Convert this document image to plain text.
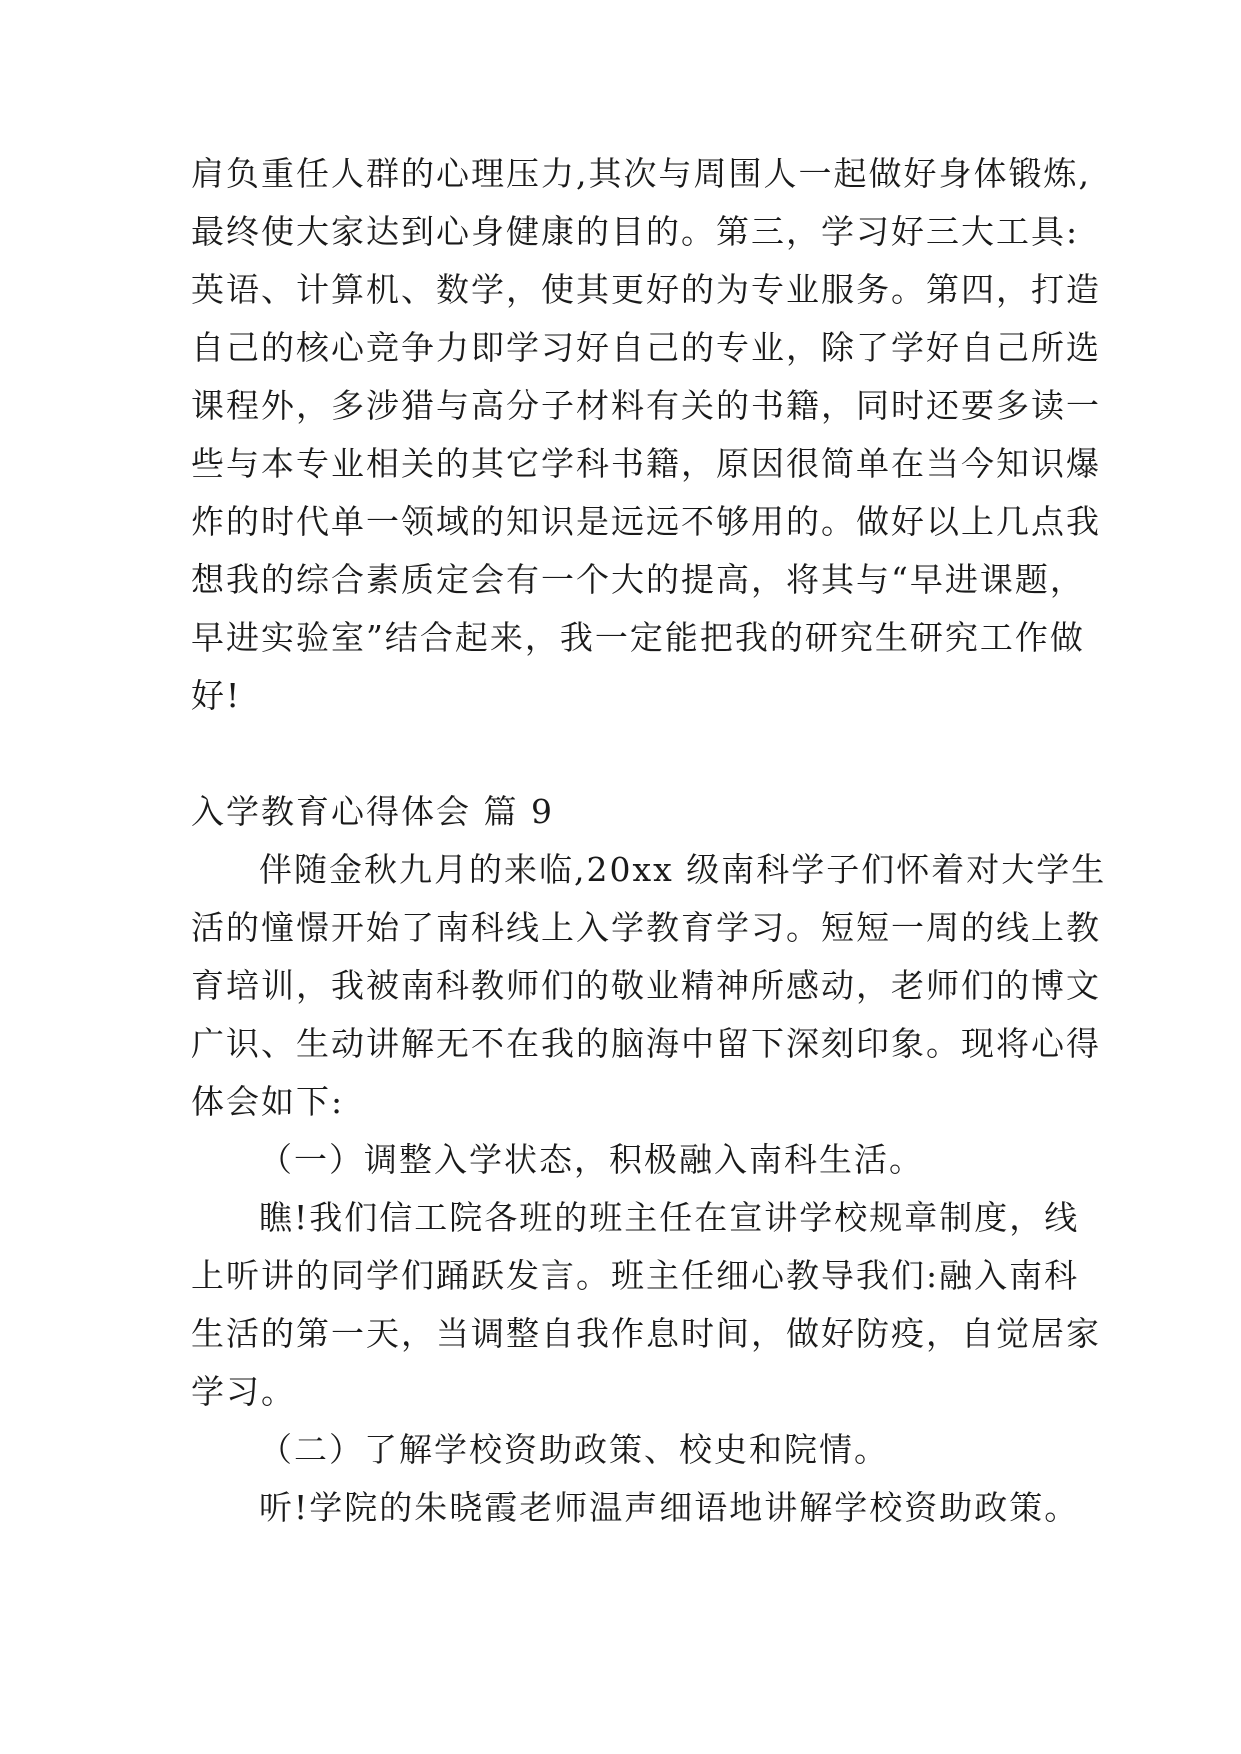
肩负重任人群的心理压力,其次与周围人一起做好身体锻炼,
最终使大家达到心身健康的目的。第三，学习好三大工具:
英语、计算机、数学，使其更好的为专业服务。第四，打造
自己的核心竞争力即学习好自己的专业，除了学好自己所选
课程外，多涉猎与高分子材料有关的书籍，同时还要多读一
些与本专业相关的其它学科书籍，原因很简单在当今知识爆
炸的时代单一领域的知识是远远不够用的。做好以上几点我
想我的综合素质定会有一个大的提高，将其与“早进课题，
早进实验室”结合起来，我一定能把我的研究生研究工作做
好!
入学教育心得体会 篇 9
伴随金秋九月的来临,20xx 级南科学子们怀着对大学生
活的憧憬开始了南科线上入学教育学习。短短一周的线上教
育培训，我被南科教师们的敬业精神所感动，老师们的博文
广识、生动讲解无不在我的脑海中留下深刻印象。现将心得
体会如下:
（一）调整入学状态，积极融入南科生活。
瞧!我们信工院各班的班主任在宣讲学校规章制度，线
上听讲的同学们踊跃发言。班主任细心教导我们:融入南科
生活的第一天，当调整自我作息时间，做好防疫，自觉居家
学习。
（二）了解学校资助政策、校史和院情。
听!学院的朱晓霞老师温声细语地讲解学校资助政策。
